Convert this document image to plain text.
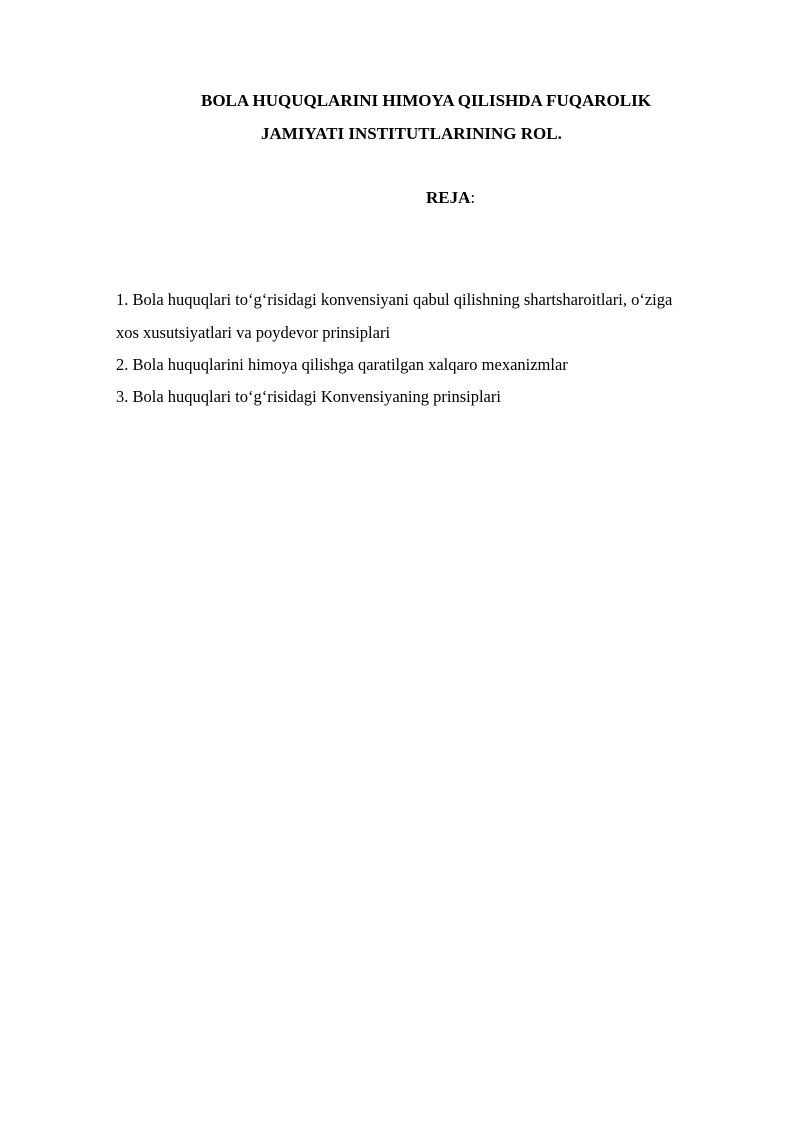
BOLA HUQUQLARINI HIMOYA QILISHDA FUQAROLIK
JAMIYATI INSTITUTLARINING ROL.
REJA:
1. Bola huquqlari to‘g‘risidagi konvensiyani qabul qilishning shartsharoitlari, o‘ziga
xos xusutsiyatlari va poydevor prinsiplari
2. Bola huquqlarini himoya qilishga qaratilgan xalqaro mexanizmlar
3. Bola huquqlari to‘g‘risidagi Konvensiyaning prinsiplari
